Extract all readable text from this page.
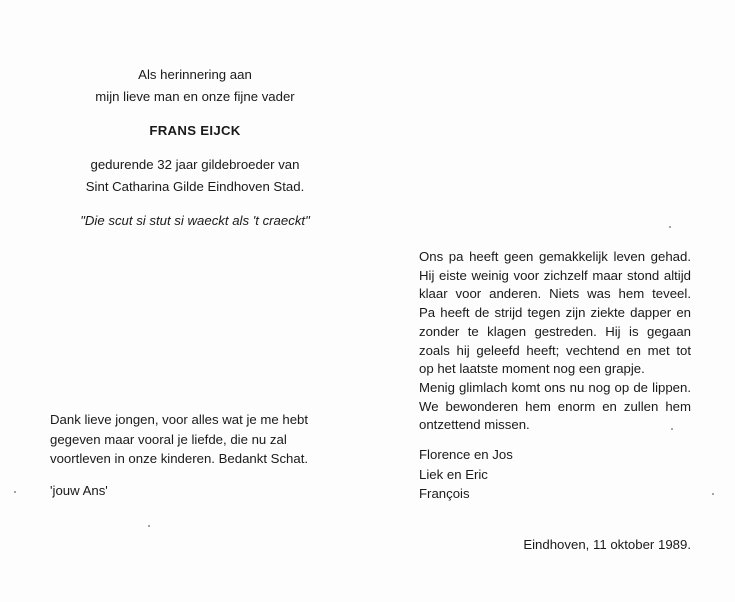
Als herinnering aan
mijn lieve man en onze fijne vader
FRANS EIJCK
gedurende 32 jaar gildebroeder van
Sint Catharina Gilde Eindhoven Stad.
"Die scut si stut si waeckt als 't craeckt"
Dank lieve jongen, voor alles wat je me hebt
gegeven maar vooral je liefde, die nu zal
voortleven in onze kinderen. Bedankt Schat.
'jouw Ans'
Ons pa heeft geen gemakkelijk leven gehad.
Hij eiste weinig voor zichzelf maar stond altijd
klaar voor anderen. Niets was hem teveel.
Pa heeft de strijd tegen zijn ziekte dapper en
zonder te klagen gestreden. Hij is gegaan
zoals hij geleefd heeft; vechtend en met tot
op het laatste moment nog een grapje.
Menig glimlach komt ons nu nog op de lippen.
We bewonderen hem enorm en zullen hem
ontzettend missen.
Florence en Jos
Liek en Eric
François
Eindhoven, 11 oktober 1989.
